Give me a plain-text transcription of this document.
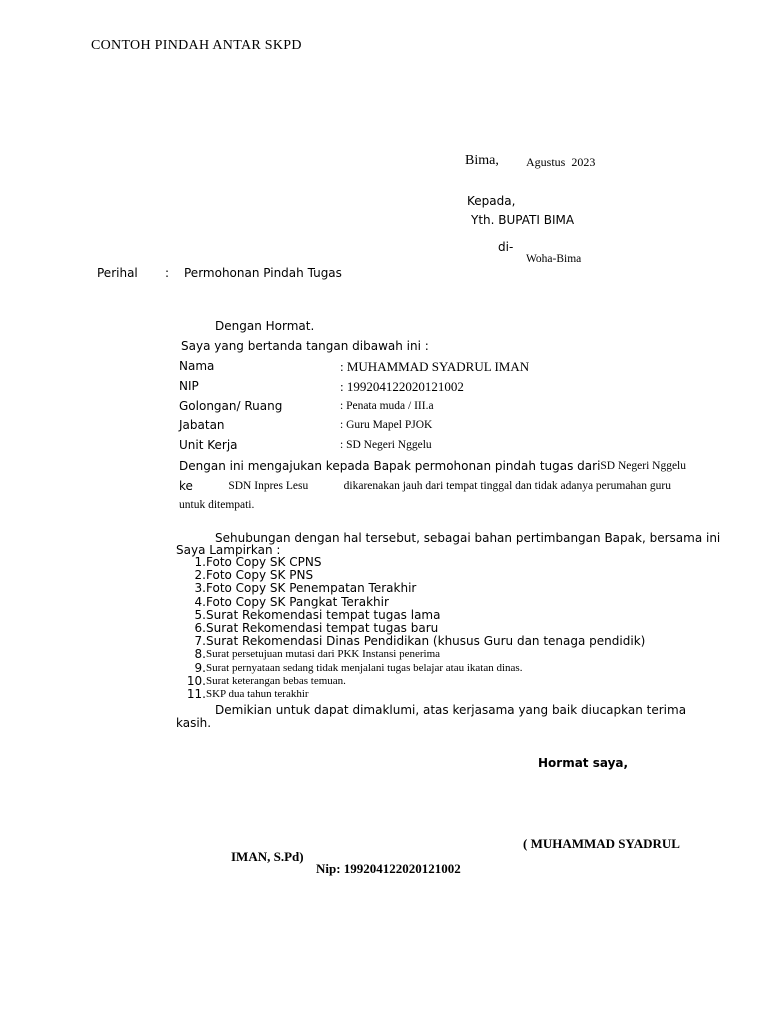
CONTOH PINDAH ANTAR SKPD
Bima, Agustus  2023
Kepada,
Yth. BUPATI BIMA
di-
Woha-Bima
Perihal : Permohonan Pindah Tugas
Dengan Hormat.
Saya yang bertanda tangan dibawah ini :
Nama	: MUHAMMAD SYADRUL IMAN
NIP	: 199204122020121002
Golongan/ Ruang	: Penata muda / III.a
Jabatan	: Guru Mapel PJOK
Unit Kerja	: SD Negeri Nggelu
Dengan ini mengajukan kepada Bapak permohonan pindah tugas dari SD Negeri Nggelu
ke	SDN Inpres Lesu	dikarenakan jauh dari tempat tinggal dan tidak adanya perumahan guru
untuk ditempati.
Sehubungan dengan hal tersebut, sebagai bahan pertimbangan Bapak, bersama ini
Saya Lampirkan :
1. Foto Copy SK CPNS
2. Foto Copy SK PNS
3. Foto Copy SK Penempatan Terakhir
4. Foto Copy SK Pangkat Terakhir
5. Surat Rekomendasi tempat tugas lama
6. Surat Rekomendasi tempat tugas baru
7. Surat Rekomendasi Dinas Pendidikan (khusus Guru dan tenaga pendidik)
8. Surat persetujuan mutasi dari PKK Instansi penerima
9. Surat pernyataan sedang tidak menjalani tugas belajar atau ikatan dinas.
10. Surat keterangan bebas temuan.
11. SKP dua tahun terakhir
Demikian untuk dapat dimaklumi, atas kerjasama yang baik diucapkan terima
kasih.
Hormat saya,
( MUHAMMAD SYADRUL
IMAN, S.Pd)
Nip: 199204122020121002
